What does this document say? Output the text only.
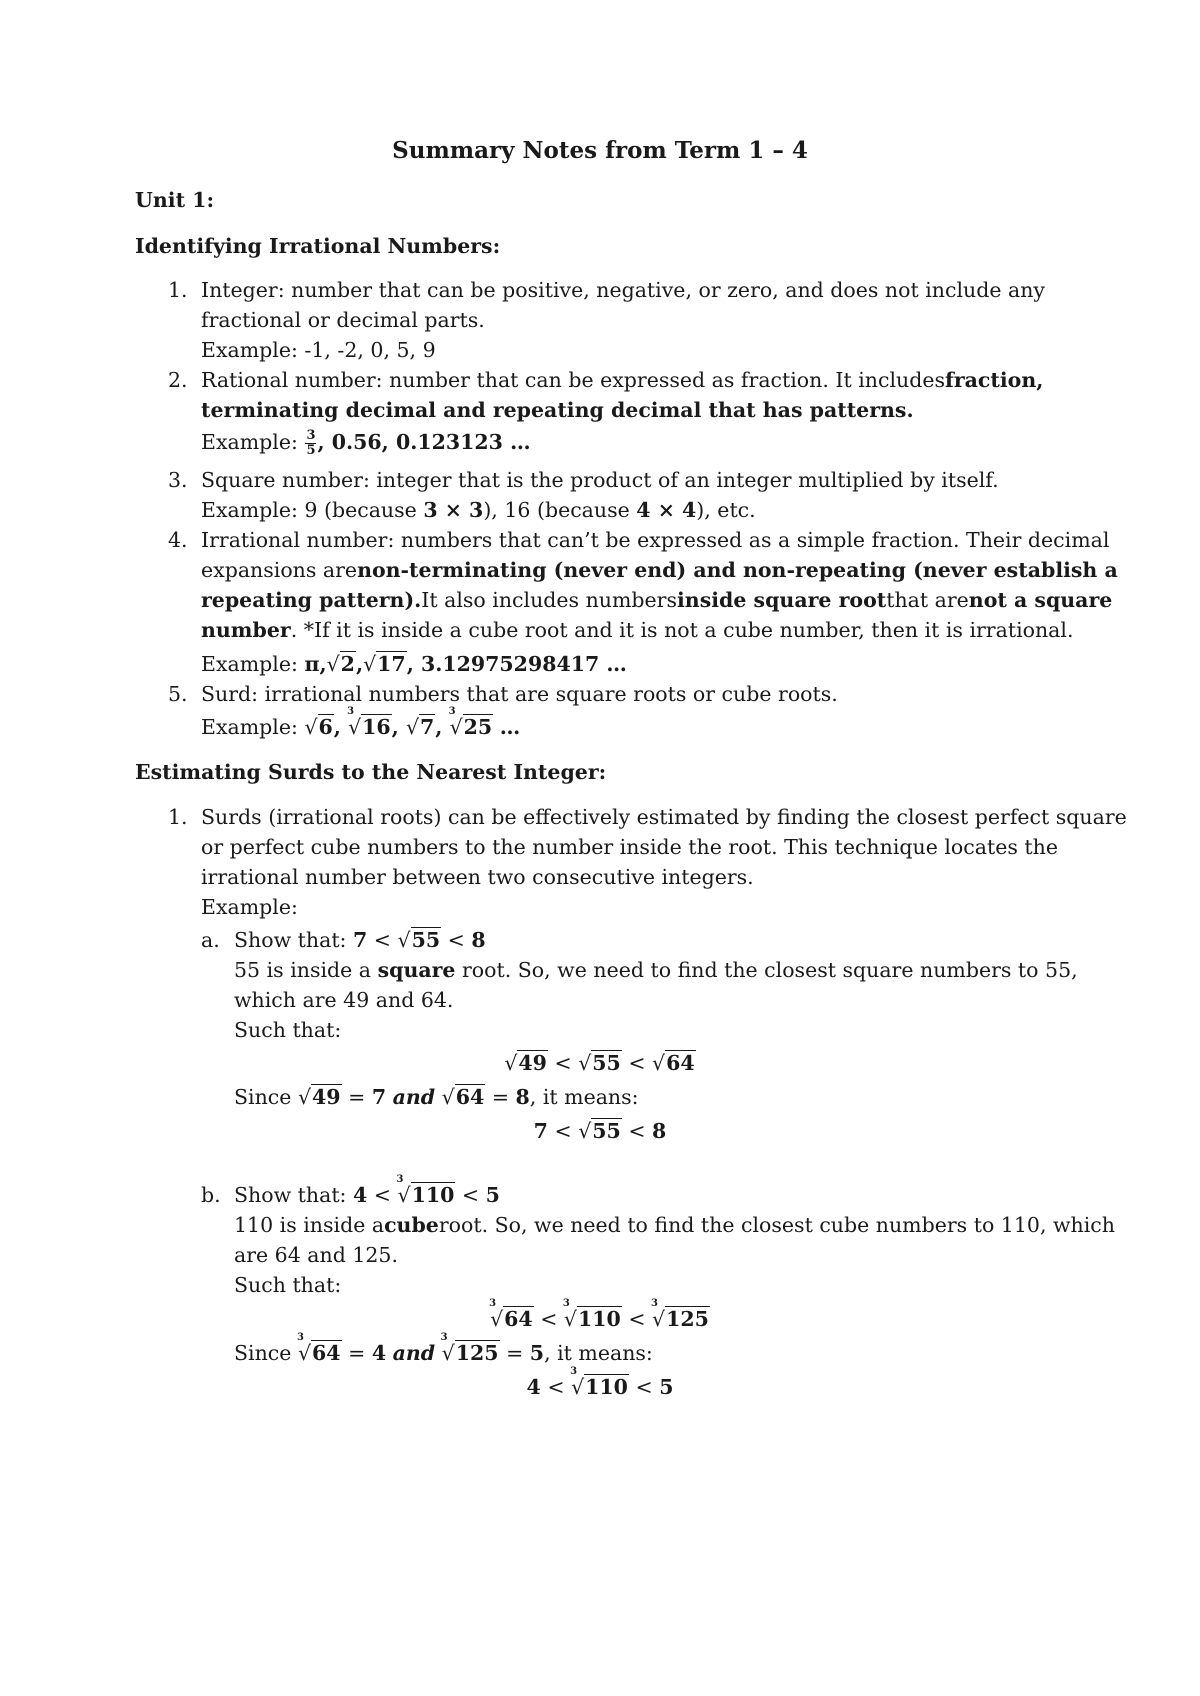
Summary Notes from Term 1 – 4
Unit 1:
Identifying Irrational Numbers:
1. Integer: number that can be positive, negative, or zero, and does not include any
fractional or decimal parts.
Example: -1, -2, 0, 5, 9
2. Rational number: number that can be expressed as fraction. It includes fraction,
terminating decimal and repeating decimal that has patterns.
Example: $\frac{3}{5}$ , 0.56, 0.123123 …
3. Square number: integer that is the product of an integer multiplied by itself.
Example: 9 (because 3 × 3), 16 (because 4 × 4), etc.
4. Irrational number: numbers that can’t be expressed as a simple fraction. Their decimal
expansions are non-terminating (never end) and non-repeating (never establish a
repeating pattern). It also includes numbers inside square root that are not a square
number. *If it is inside a cube root and it is not a cube number, then it is irrational.
Example: π,√2,√17, 3.12975298417 …
5. Surd: irrational numbers that are square roots or cube roots.
Example: √6,
3
√16, √7,
3
√25 …
Estimating Surds to the Nearest Integer:
1. Surds (irrational roots) can be effectively estimated by finding the closest perfect square
or perfect cube numbers to the number inside the root. This technique locates the
irrational number between two consecutive integers.
Example:
a. Show that: 7 < √55 < 8
55 is inside a square root. So, we need to find the closest square numbers to 55,
which are 49 and 64.
Such that:
√49 < √55 < √64
Since √49 = 7 and √64 = 8, it means:
7 < √55 < 8
b. Show that: 4 <
3
√110 < 5
110 is inside a cube root. So, we need to find the closest cube numbers to 110, which
are 64 and 125.
Such that:
3
√64 <
3
√110 <
3
√125
Since
3
√64 = 4 and
3
√125 = 5, it means:
4 <
3
√110 < 5
